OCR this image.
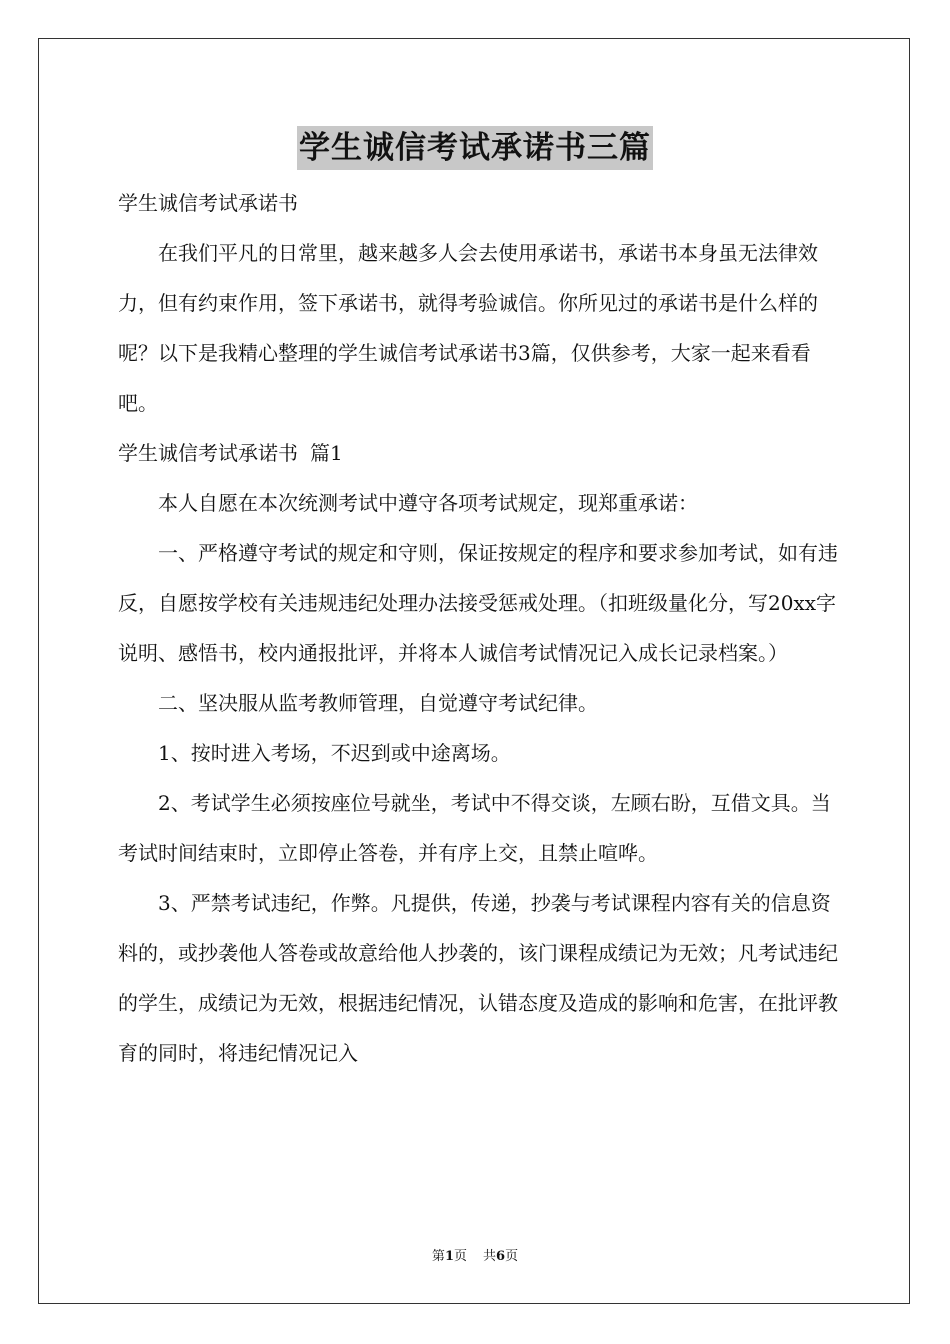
学生诚信考试承诺书三篇

学生诚信考试承诺书

在我们平凡的日常里，越来越多人会去使用承诺书，承诺书本身虽无法律效力，但有约束作用，签下承诺书，就得考验诚信。你所见过的承诺书是什么样的呢？以下是我精心整理的学生诚信考试承诺书3篇，仅供参考，大家一起来看看吧。

学生诚信考试承诺书 篇1

本人自愿在本次统测考试中遵守各项考试规定，现郑重承诺：

一、严格遵守考试的规定和守则，保证按规定的程序和要求参加考试，如有违反，自愿按学校有关违规违纪处理办法接受惩戒处理。（扣班级量化分，写20xx字说明、感悟书，校内通报批评，并将本人诚信考试情况记入成长记录档案。）

二、坚决服从监考教师管理，自觉遵守考试纪律。

1、按时进入考场，不迟到或中途离场。

2、考试学生必须按座位号就坐，考试中不得交谈，左顾右盼，互借文具。当考试时间结束时，立即停止答卷，并有序上交，且禁止喧哗。

3、严禁考试违纪，作弊。凡提供，传递，抄袭与考试课程内容有关的信息资料的，或抄袭他人答卷或故意给他人抄袭的，该门课程成绩记为无效；凡考试违纪的学生，成绩记为无效，根据违纪情况，认错态度及造成的影响和危害，在批评教育的同时，将违纪情况记入

第1页 共6页
